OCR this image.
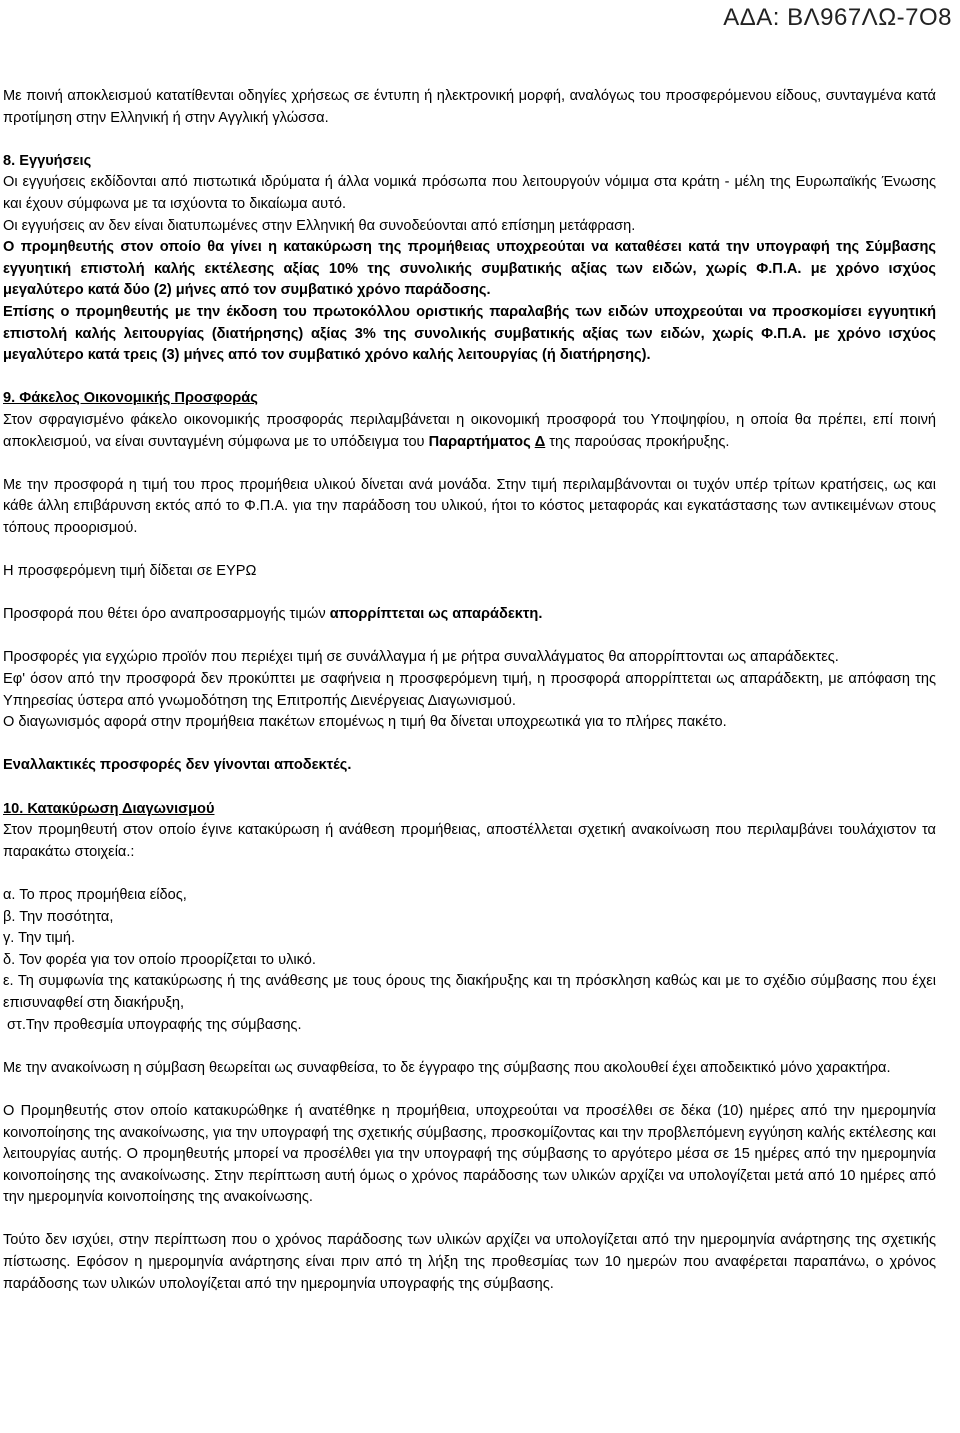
ΑΔΑ: ΒΛ967ΛΩ-7Ο8

Με ποινή αποκλεισμού κατατίθενται οδηγίες χρήσεως σε έντυπη ή ηλεκτρονική μορφή, αναλόγως του προσφερόμενου είδους, συνταγμένα κατά προτίμηση στην Ελληνική ή στην Αγγλική γλώσσα.

8. Εγγυήσεις

Οι εγγυήσεις εκδίδονται από πιστωτικά ιδρύματα ή άλλα νομικά πρόσωπα που λειτουργούν νόμιμα στα κράτη - μέλη της Ευρωπαϊκής Ένωσης και έχουν σύμφωνα με τα ισχύοντα το δικαίωμα αυτό.

Οι εγγυήσεις αν δεν είναι διατυπωμένες στην Ελληνική θα συνοδεύονται από επίσημη μετάφραση.

Ο προμηθευτής στον οποίο θα γίνει η κατακύρωση της προμήθειας υποχρεούται να καταθέσει κατά την υπογραφή της Σύμβασης εγγυητική επιστολή καλής εκτέλεσης αξίας 10% της συνολικής συμβατικής αξίας των ειδών, χωρίς Φ.Π.Α. με χρόνο ισχύος μεγαλύτερο κατά δύο (2) μήνες από τον συμβατικό χρόνο παράδοσης.

Επίσης ο προμηθευτής με την έκδοση του πρωτοκόλλου οριστικής παραλαβής των ειδών υποχρεούται να προσκομίσει εγγυητική επιστολή καλής λειτουργίας (διατήρησης) αξίας 3% της συνολικής συμβατικής αξίας των ειδών, χωρίς Φ.Π.Α. με χρόνο ισχύος μεγαλύτερο κατά τρεις (3) μήνες από τον συμβατικό χρόνο καλής λειτουργίας (ή διατήρησης).

9. Φάκελος Οικονομικής Προσφοράς

Στον σφραγισμένο φάκελο οικονομικής προσφοράς περιλαμβάνεται η οικονομική προσφορά του Υποψηφίου, η οποία θα πρέπει, επί ποινή αποκλεισμού, να είναι συνταγμένη σύμφωνα με το υπόδειγμα του Παραρτήματος Δ της παρούσας προκήρυξης.

Με την προσφορά η τιμή του προς προμήθεια υλικού δίνεται ανά μονάδα. Στην τιμή περιλαμβάνονται οι τυχόν υπέρ τρίτων κρατήσεις, ως και κάθε άλλη επιβάρυνση εκτός από το Φ.Π.Α. για την παράδοση του υλικού, ήτοι το κόστος μεταφοράς και εγκατάστασης των αντικειμένων στους τόπους προορισμού.

Η προσφερόμενη τιμή δίδεται σε ΕΥΡΩ

Προσφορά που θέτει όρο αναπροσαρμογής τιμών απορρίπτεται ως απαράδεκτη.

Προσφορές για εγχώριο προϊόν που περιέχει τιμή σε συνάλλαγμα ή με ρήτρα συναλλάγματος θα απορρίπτονται ως απαράδεκτες.

Εφ' όσον από την προσφορά δεν προκύπτει με σαφήνεια η προσφερόμενη τιμή, η προσφορά απορρίπτεται ως απαράδεκτη, με απόφαση της Υπηρεσίας ύστερα από γνωμοδότηση της Επιτροπής Διενέργειας Διαγωνισμού.

Ο διαγωνισμός αφορά στην προμήθεια πακέτων επομένως η τιμή θα δίνεται υποχρεωτικά για το πλήρες πακέτο.

Εναλλακτικές προσφορές δεν γίνονται αποδεκτές.

10. Κατακύρωση Διαγωνισμού

Στον προμηθευτή στον οποίο έγινε κατακύρωση ή ανάθεση προμήθειας, αποστέλλεται σχετική ανακοίνωση που περιλαμβάνει τουλάχιστον τα παρακάτω στοιχεία.:

α. Το προς προμήθεια είδος,

β. Την ποσότητα,

γ. Την τιμή.

δ. Τον φορέα για τον οποίο προορίζεται το υλικό.

ε. Τη συμφωνία της κατακύρωσης ή της ανάθεσης με τους όρους της διακήρυξης και τη πρόσκληση καθώς και με το σχέδιο σύμβασης που έχει επισυναφθεί στη διακήρυξη,

στ.Την προθεσμία υπογραφής της σύμβασης.

Με την ανακοίνωση η σύμβαση θεωρείται ως συναφθείσα, το δε έγγραφο της σύμβασης που ακολουθεί έχει αποδεικτικό μόνο χαρακτήρα.

Ο Προμηθευτής στον οποίο κατακυρώθηκε ή ανατέθηκε η προμήθεια, υποχρεούται να προσέλθει σε δέκα (10) ημέρες από την ημερομηνία κοινοποίησης της ανακοίνωσης, για την υπογραφή της σχετικής σύμβασης, προσκομίζοντας και την προβλεπόμενη εγγύηση καλής εκτέλεσης και λειτουργίας αυτής. Ο προμηθευτής μπορεί να προσέλθει για την υπογραφή της σύμβασης το αργότερο μέσα σε 15 ημέρες από την ημερομηνία κοινοποίησης της ανακοίνωσης. Στην περίπτωση αυτή όμως ο χρόνος παράδοσης των υλικών αρχίζει να υπολογίζεται μετά από 10 ημέρες από την ημερομηνία κοινοποίησης της ανακοίνωσης.

Τούτο δεν ισχύει, στην περίπτωση που ο χρόνος παράδοσης των υλικών αρχίζει να υπολογίζεται από την ημερομηνία ανάρτησης της σχετικής πίστωσης. Εφόσον η ημερομηνία ανάρτησης είναι πριν από τη λήξη της προθεσμίας των 10 ημερών που αναφέρεται παραπάνω, ο χρόνος παράδοσης των υλικών υπολογίζεται από την ημερομηνία υπογραφής της σύμβασης.
